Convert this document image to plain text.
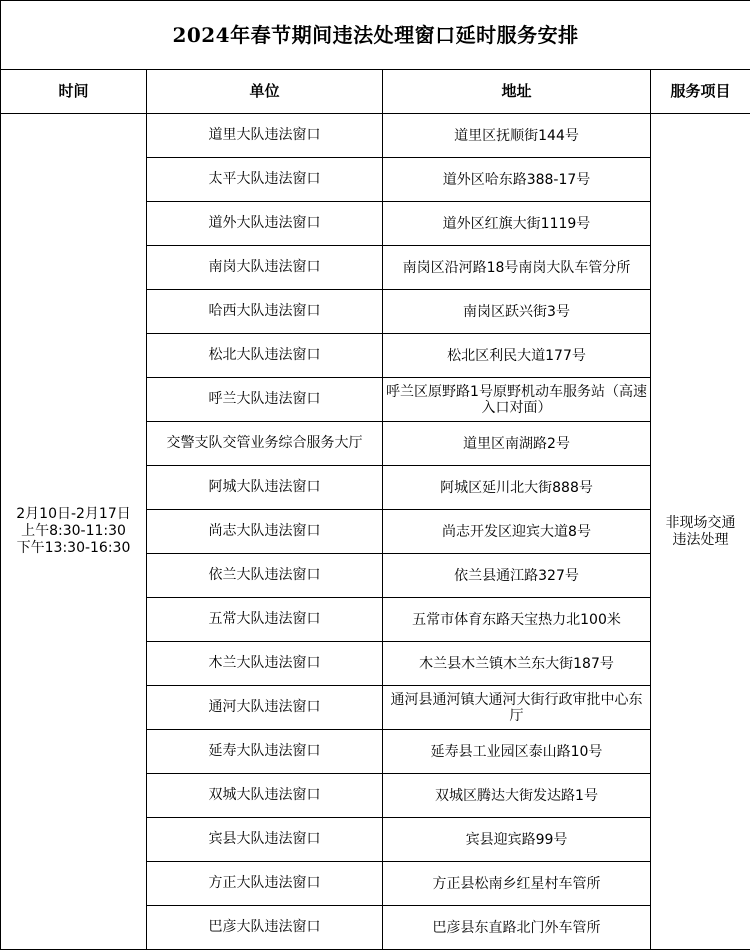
2024年春节期间违法处理窗口延时服务安排			
时间	单位	地址	服务项目

2月10日-2月17日
上午8:30-11:30
下午13:30-16:30	道里大队违法窗口	道里区抚顺街144号	非现场交通
违法处理

	太平大队违法窗口	道外区哈东路388-17号	
	道外大队违法窗口	道外区红旗大街1119号	
	南岗大队违法窗口	南岗区沿河路18号南岗大队车管分所	
	哈西大队违法窗口	南岗区跃兴街3号	
	松北大队违法窗口	松北区利民大道177号	
	呼兰大队违法窗口	呼兰区原野路1号原野机动车服务站（高速入口对面）	
	交警支队交管业务综合服务大厅	道里区南湖路2号	
	阿城大队违法窗口	阿城区延川北大街888号	
	尚志大队违法窗口	尚志开发区迎宾大道8号	
	依兰大队违法窗口	依兰县通江路327号	
	五常大队违法窗口	五常市体育东路天宝热力北100米	
	木兰大队违法窗口	木兰县木兰镇木兰东大街187号	
	通河大队违法窗口	通河县通河镇大通河大街行政审批中心东厅	
	延寿大队违法窗口	延寿县工业园区泰山路10号	
	双城大队违法窗口	双城区腾达大街发达路1号	
	宾县大队违法窗口	宾县迎宾路99号	
	方正大队违法窗口	方正县松南乡红星村车管所	
	巴彦大队违法窗口	巴彦县东直路北门外车管所	
